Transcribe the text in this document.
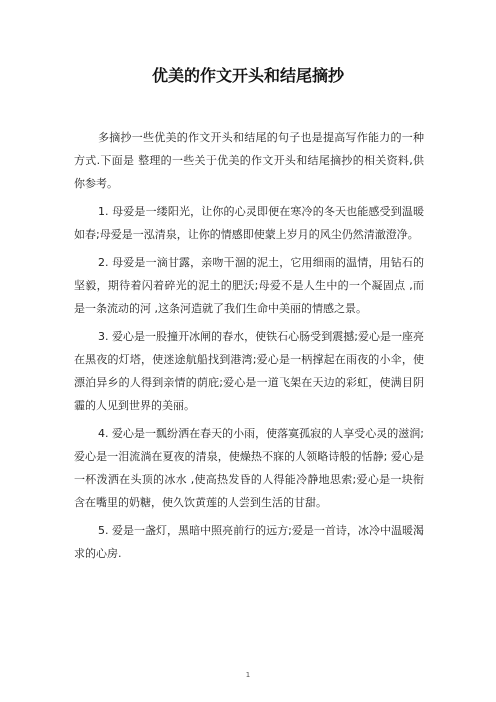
优美的作文开头和结尾摘抄

多摘抄一些优美的作文开头和结尾的句子也是提高写作能力的一种方式.下面是 整理的一些关于优美的作文开头和结尾摘抄的相关资料,供你参考。

1. 母爱是一缕阳光，让你的心灵即便在寒冷的冬天也能感受到温暖如春;母爱是一泓清泉，让你的情感即使蒙上岁月的风尘仍然清澈澄净。

2. 母爱是一滴甘露，亲吻干涸的泥土，它用细雨的温情，用钻石的坚毅，期待着闪着碎光的泥土的肥沃;母爱不是人生中的一个凝固点 ,而是一条流动的河 ,这条河造就了我们生命中美丽的情感之景。

3. 爱心是一股撞开冰闸的春水，使铁石心肠受到震撼;爱心是一座亮在黑夜的灯塔，使迷途航船找到港湾;爱心是一柄撑起在雨夜的小伞，使漂泊异乡的人得到亲情的荫庇;爱心是一道飞架在天边的彩虹，使满目阴霾的人见到世界的美丽。

4. 爱心是一瓢纷洒在春天的小雨，使落寞孤寂的人享受心灵的滋润;爱心是一泪流淌在夏夜的清泉，使燥热不寐的人领略诗般的恬静; 爱心是一杯泼洒在头顶的冰水 ,使高热发昏的人得能冷静地思索;爱心是一块衔含在嘴里的奶糖，使久饮黄莲的人尝到生活的甘甜。

5. 爱是一盏灯，黑暗中照亮前行的远方;爱是一首诗，冰冷中温暖渴求的心房.

1
